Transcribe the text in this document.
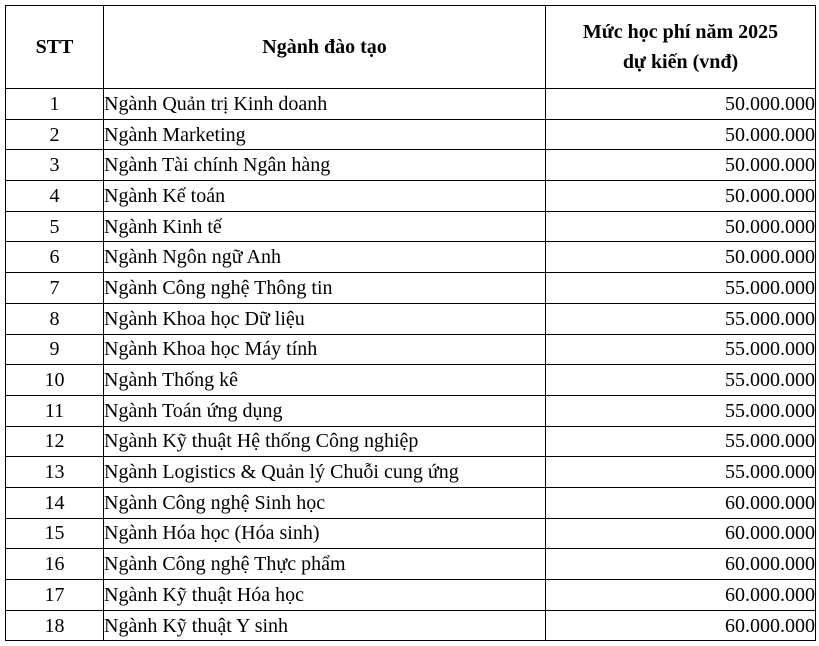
STT	Ngành đào tạo	Mức học phí năm 2025
dự kiến (vnđ)

1	Ngành Quản trị Kinh doanh	50.000.000
2	Ngành Marketing	50.000.000
3	Ngành Tài chính Ngân hàng	50.000.000
4	Ngành Kế toán	50.000.000
5	Ngành Kinh tế	50.000.000
6	Ngành Ngôn ngữ Anh	50.000.000
7	Ngành Công nghệ Thông tin	55.000.000
8	Ngành Khoa học Dữ liệu	55.000.000
9	Ngành Khoa học Máy tính	55.000.000
10	Ngành Thống kê	55.000.000
11	Ngành Toán ứng dụng	55.000.000
12	Ngành Kỹ thuật Hệ thống Công nghiệp	55.000.000
13	Ngành Logistics & Quản lý Chuỗi cung ứng	55.000.000
14	Ngành Công nghệ Sinh học	60.000.000
15	Ngành Hóa học (Hóa sinh)	60.000.000
16	Ngành Công nghệ Thực phẩm	60.000.000
17	Ngành Kỹ thuật Hóa học	60.000.000
18	Ngành Kỹ thuật Y sinh	60.000.000
